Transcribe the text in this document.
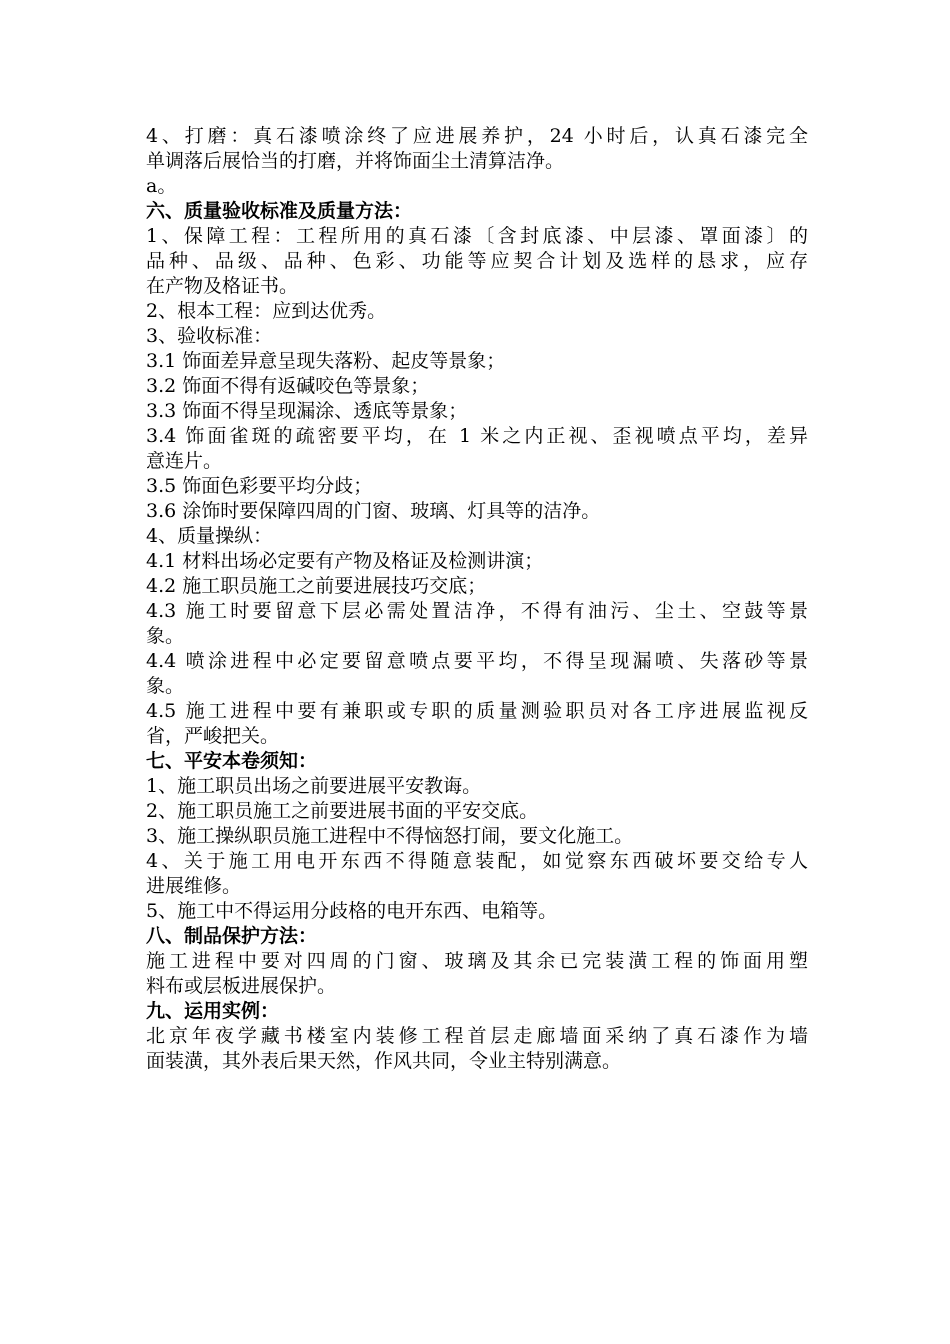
4、打磨：真石漆喷涂终了应进展养护，24 小时后，认真石漆完全
单调落后展恰当的打磨，并将饰面尘土清算洁净。
a。
六、质量验收标准及质量方法：
1、保障工程：工程所用的真石漆〔含封底漆、中层漆、罩面漆〕的
品种、品级、品种、色彩、功能等应契合计划及选样的恳求，应存
在产物及格证书。
2、根本工程：应到达优秀。
3、验收标准：
3.1 饰面差异意呈现失落粉、起皮等景象；
3.2 饰面不得有返碱咬色等景象；
3.3 饰面不得呈现漏涂、透底等景象；
3.4 饰面雀斑的疏密要平均，在 1 米之内正视、歪视喷点平均，差异
意连片。
3.5 饰面色彩要平均分歧；
3.6 涂饰时要保障四周的门窗、玻璃、灯具等的洁净。
4、质量操纵：
4.1 材料出场必定要有产物及格证及检测讲演；
4.2 施工职员施工之前要进展技巧交底；
4.3 施工时要留意下层必需处置洁净，不得有油污、尘土、空鼓等景
象。
4.4 喷涂进程中必定要留意喷点要平均，不得呈现漏喷、失落砂等景
象。
4.5 施工进程中要有兼职或专职的质量测验职员对各工序进展监视反
省，严峻把关。
七、平安本卷须知：
1、施工职员出场之前要进展平安教诲。
2、施工职员施工之前要进展书面的平安交底。
3、施工操纵职员施工进程中不得恼怒打闹，要文化施工。
4、关于施工用电开东西不得随意装配，如觉察东西破坏要交给专人
进展维修。
5、施工中不得运用分歧格的电开东西、电箱等。
八、制品保护方法：
施工进程中要对四周的门窗、玻璃及其余已完装潢工程的饰面用塑
料布或层板进展保护。
九、运用实例：
北京年夜学藏书楼室内装修工程首层走廊墙面采纳了真石漆作为墙
面装潢，其外表后果天然，作风共同，令业主特别满意。
